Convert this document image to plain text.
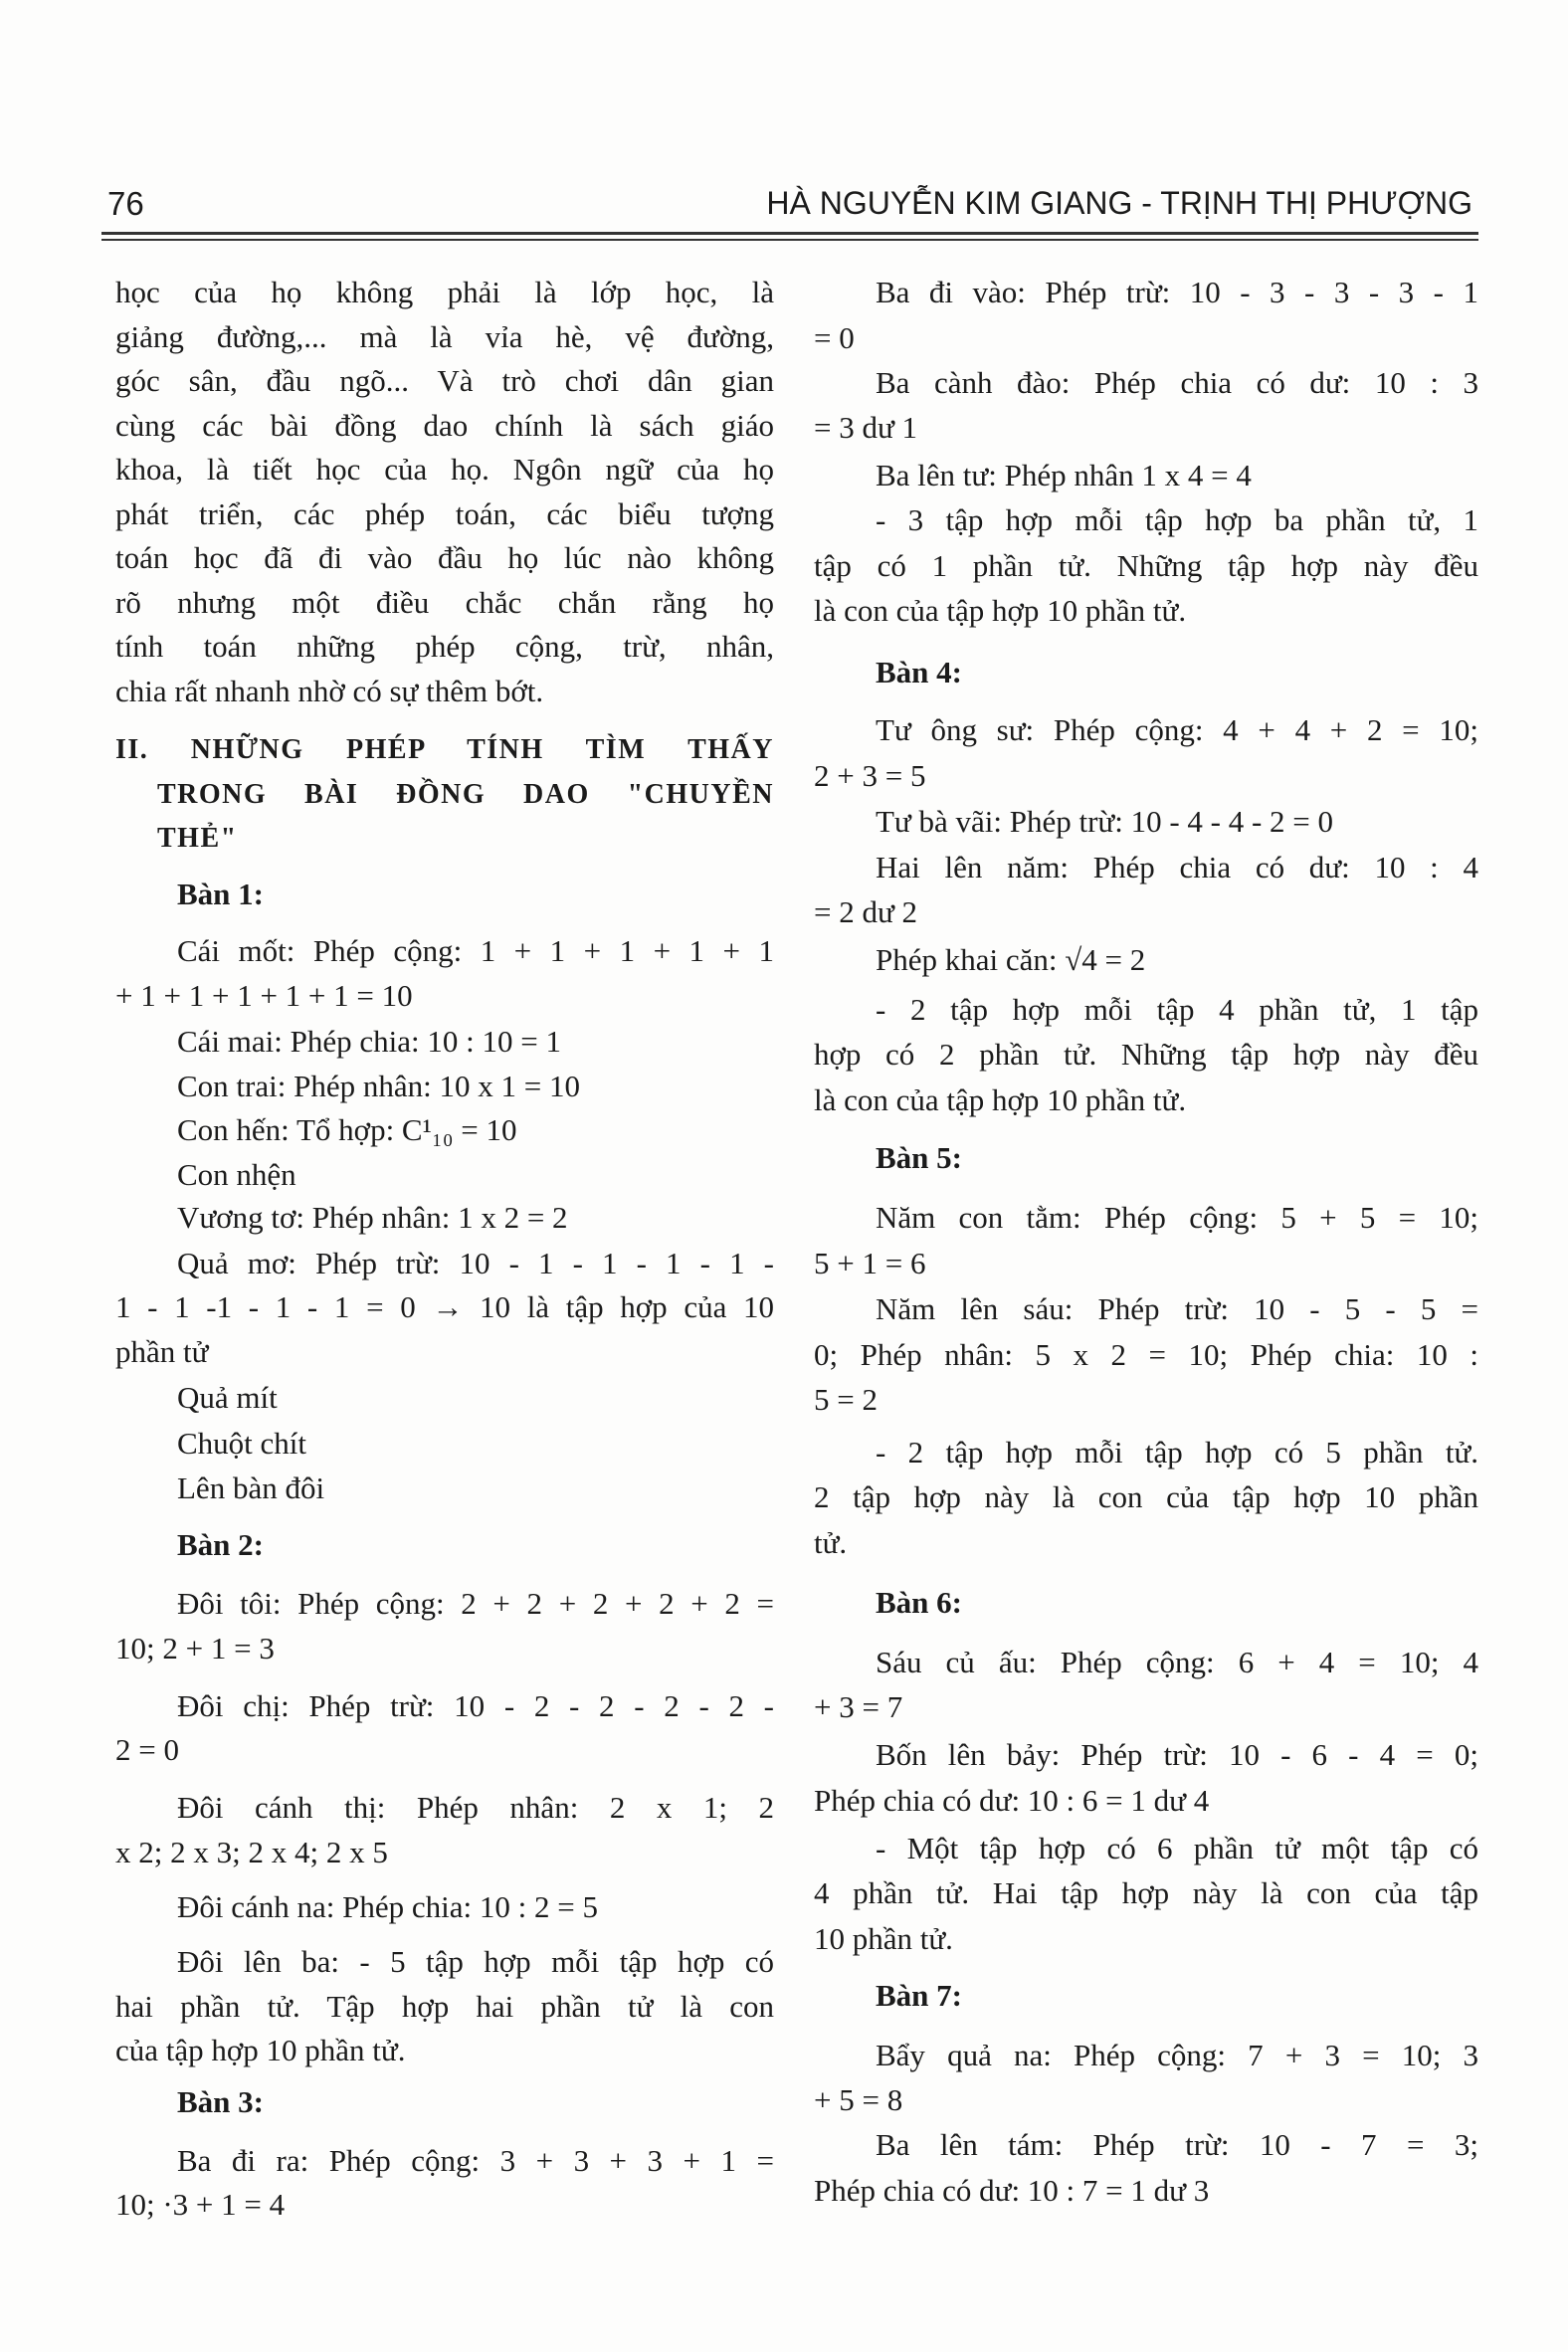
76	HÀ NGUYỄN KIM GIANG - TRỊNH THỊ PHƯỢNG
học của họ không phải là lớp học, là
giảng đường,... mà là vỉa hè, vệ đường,
góc sân, đầu ngõ... Và trò chơi dân gian
cùng các bài đồng dao chính là sách giáo
khoa, là tiết học của họ. Ngôn ngữ của họ
phát triển, các phép toán, các biểu tượng
toán học đã đi vào đầu họ lúc nào không
rõ nhưng một điều chắc chắn rằng họ
tính toán những phép cộng, trừ, nhân,
chia rất nhanh nhờ có sự thêm bớt.
II. NHỮNG PHÉP TÍNH TÌM THẤY
TRONG BÀI ĐỒNG DAO "CHUYỀN
THẺ"
Bàn 1:
Cái mốt: Phép cộng: 1 + 1 + 1 + 1 + 1
+ 1 + 1 + 1 + 1 + 1 = 10
Cái mai: Phép chia: 10 : 10 = 1
Con trai: Phép nhân: 10 x 1 = 10
Con hến: Tổ hợp: C¹₁₀ = 10
Con nhện
Vương tơ: Phép nhân: 1 x 2 = 2
Quả mơ: Phép trừ: 10 - 1 - 1 - 1 - 1 -
1 - 1 -1 - 1 - 1 = 0 → 10 là tập hợp của 10
phần tử
Quả mít
Chuột chít
Lên bàn đôi
Bàn 2:
Đôi tôi: Phép cộng: 2 + 2 + 2 + 2 + 2 =
10; 2 + 1 = 3
Đôi chị: Phép trừ: 10 - 2 - 2 - 2 - 2 -
2 = 0
Đôi cánh thị: Phép nhân: 2 x 1; 2
x 2; 2 x 3; 2 x 4; 2 x 5
Đôi cánh na: Phép chia: 10 : 2 = 5
Đôi lên ba: - 5 tập hợp mỗi tập hợp có
hai phần tử. Tập hợp hai phần tử là con
của tập hợp 10 phần tử.
Bàn 3:
Ba đi ra: Phép cộng: 3 + 3 + 3 + 1 =
10; ·3 + 1 = 4
Ba đi vào: Phép trừ: 10 - 3 - 3 - 3 - 1
= 0
Ba cành đào: Phép chia có dư: 10 : 3
= 3 dư 1
Ba lên tư: Phép nhân 1 x 4 = 4
- 3 tập hợp mỗi tập hợp ba phần tử, 1
tập có 1 phần tử. Những tập hợp này đều
là con của tập hợp 10 phần tử.
Bàn 4:
Tư ông sư: Phép cộng: 4 + 4 + 2 = 10;
2 + 3 = 5
Tư bà vãi: Phép trừ: 10 - 4 - 4 - 2 = 0
Hai lên năm: Phép chia có dư: 10 : 4
= 2 dư 2
Phép khai căn: √4 = 2
- 2 tập hợp mỗi tập 4 phần tử, 1 tập
hợp có 2 phần tử. Những tập hợp này đều
là con của tập hợp 10 phần tử.
Bàn 5:
Năm con tằm: Phép cộng: 5 + 5 = 10;
5 + 1 = 6
Năm lên sáu: Phép trừ: 10 - 5 - 5 =
0; Phép nhân: 5 x 2 = 10; Phép chia: 10 :
5 = 2
- 2 tập hợp mỗi tập hợp có 5 phần tử.
2 tập hợp này là con của tập hợp 10 phần
tử.
Bàn 6:
Sáu củ ấu: Phép cộng: 6 + 4 = 10; 4
+ 3 = 7
Bốn lên bảy: Phép trừ: 10 - 6 - 4 = 0;
Phép chia có dư: 10 : 6 = 1 dư 4
- Một tập hợp có 6 phần tử một tập có
4 phần tử. Hai tập hợp này là con của tập
10 phần tử.
Bàn 7:
Bẩy quả na: Phép cộng: 7 + 3 = 10; 3
+ 5 = 8
Ba lên tám: Phép trừ: 10 - 7 = 3;
Phép chia có dư: 10 : 7 = 1 dư 3
